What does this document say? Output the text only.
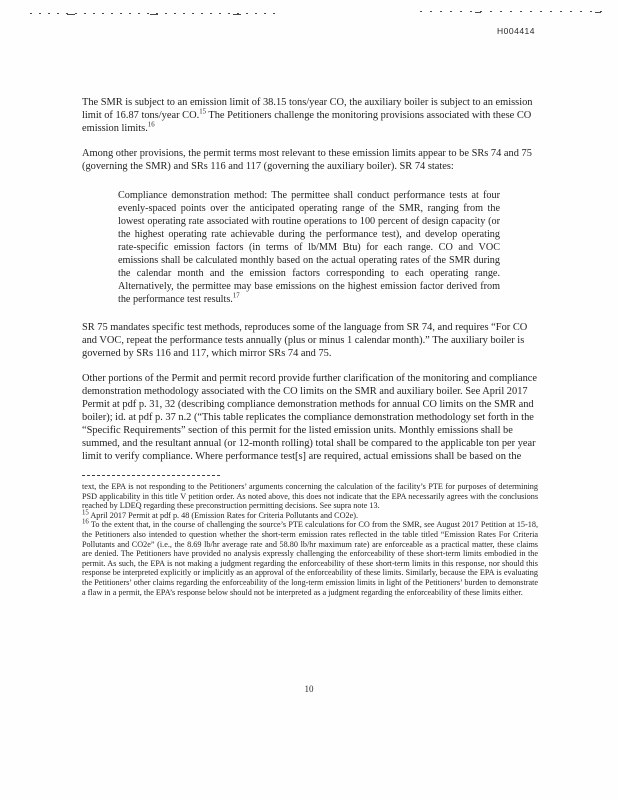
H004414

The SMR is subject to an emission limit of 38.15 tons/year CO, the auxiliary boiler is subject to an emission limit of 16.87 tons/year CO.$^{15}$ The Petitioners challenge the monitoring provisions associated with these CO emission limits.$^{16}$

Among other provisions, the permit terms most relevant to these emission limits appear to be SRs 74 and 75 (governing the SMR) and SRs 116 and 117 (governing the auxiliary boiler). SR 74 states:

Compliance demonstration method: The permittee shall conduct performance tests at four evenly-spaced points over the anticipated operating range of the SMR, ranging from the lowest operating rate associated with routine operations to 100 percent of design capacity (or the highest operating rate achievable during the performance test), and develop operating rate-specific emission factors (in terms of lb/MM Btu) for each range. CO and VOC emissions shall be calculated monthly based on the actual operating rates of the SMR during the calendar month and the emission factors corresponding to each operating range. Alternatively, the permittee may base emissions on the highest emission factor derived from the performance test results.$^{17}$

SR 75 mandates specific test methods, reproduces some of the language from SR 74, and requires “For CO and VOC, repeat the performance tests annually (plus or minus 1 calendar month).” The auxiliary boiler is governed by SRs 116 and 117, which mirror SRs 74 and 75.

Other portions of the Permit and permit record provide further clarification of the monitoring and compliance demonstration methodology associated with the CO limits on the SMR and auxiliary boiler. See April 2017 Permit at pdf p. 31, 32 (describing compliance demonstration methods for annual CO limits on the SMR and boiler); id. at pdf p. 37 n.2 (“This table replicates the compliance demonstration methodology set forth in the “Specific Requirements” section of this permit for the listed emission units. Monthly emissions shall be summed, and the resultant annual (or 12-month rolling) total shall be compared to the applicable ton per year limit to verify compliance. Where performance test[s] are required, actual emissions shall be based on the

text, the EPA is not responding to the Petitioners’ arguments concerning the calculation of the facility’s PTE for purposes of determining PSD applicability in this title V petition order. As noted above, this does not indicate that the EPA necessarily agrees with the conclusions reached by LDEQ regarding these preconstruction permitting decisions. See supra note 13.

$^{15}$ April 2017 Permit at pdf p. 48 (Emission Rates for Criteria Pollutants and CO2e).

$^{16}$ To the extent that, in the course of challenging the source’s PTE calculations for CO from the SMR, see August 2017 Petition at 15-18, the Petitioners also intended to question whether the short-term emission rates reflected in the table titled “Emission Rates For Criteria Pollutants and CO2e” (i.e., the 8.69 lb/hr average rate and 58.80 lb/hr maximum rate) are enforceable as a practical matter, these claims are denied. The Petitioners have provided no analysis expressly challenging the enforceability of these short-term limits embodied in the permit. As such, the EPA is not making a judgment regarding the enforceability of these short-term limits in this response, nor should this response be interpreted explicitly or implicitly as an approval of the enforceability of these limits. Similarly, because the EPA is evaluating the Petitioners’ other claims regarding the enforceability of the long-term emission limits in light of the Petitioners’ burden to demonstrate a flaw in a permit, the EPA’s response below should not be interpreted as a judgment regarding the enforceability of these limits either.

10
